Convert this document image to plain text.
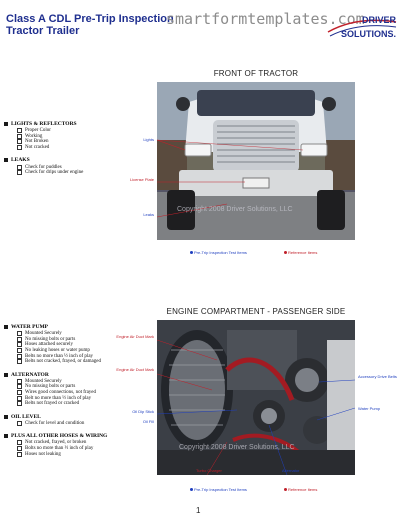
Class A CDL Pre-Trip Inspection
Tractor Trailer
smartformtemplates.com
DRIVER
SOLUTIONS.
FRONT OF TRACTOR
Copyright 2008 Driver Solutions, LLC
Lights
License Plate
Leaks
Pre-Trip Inspection Test Items	Reference Items
LIGHTS & REFLECTORS
Proper Color
Working
Not Broken
Not cracked
LEAKS
Check for puddles
Check for drips under engine
ENGINE COMPARTMENT - PASSENGER SIDE
Copyright 2008 Driver Solutions, LLC
Engine Air Duct Mark
Engine Air Duct Mark
Oil Dip Stick
Oil Fill
Accessory Drive Belts
Water Pump
Turbo Charger	Alternator
Pre-Trip Inspection Test Items	Reference Items
WATER PUMP
Mounted Securely
No missing bolts or parts
Hoses attached securely
No leaking hoses or water pump
Belts no more than ½ inch of play
Belts not cracked, frayed, or damaged
ALTERNATOR
Mounted Securely
No missing bolts or parts
Wires good connections, not frayed
Belt no more than ½ inch of play
Belts not frayed or cracked
OIL LEVEL
Check for level and condition
PLUS ALL OTHER HOSES & WIRING
Not cracked, frayed, or broken
Bolts no more than ½ inch of play
Hoses not leaking
1
